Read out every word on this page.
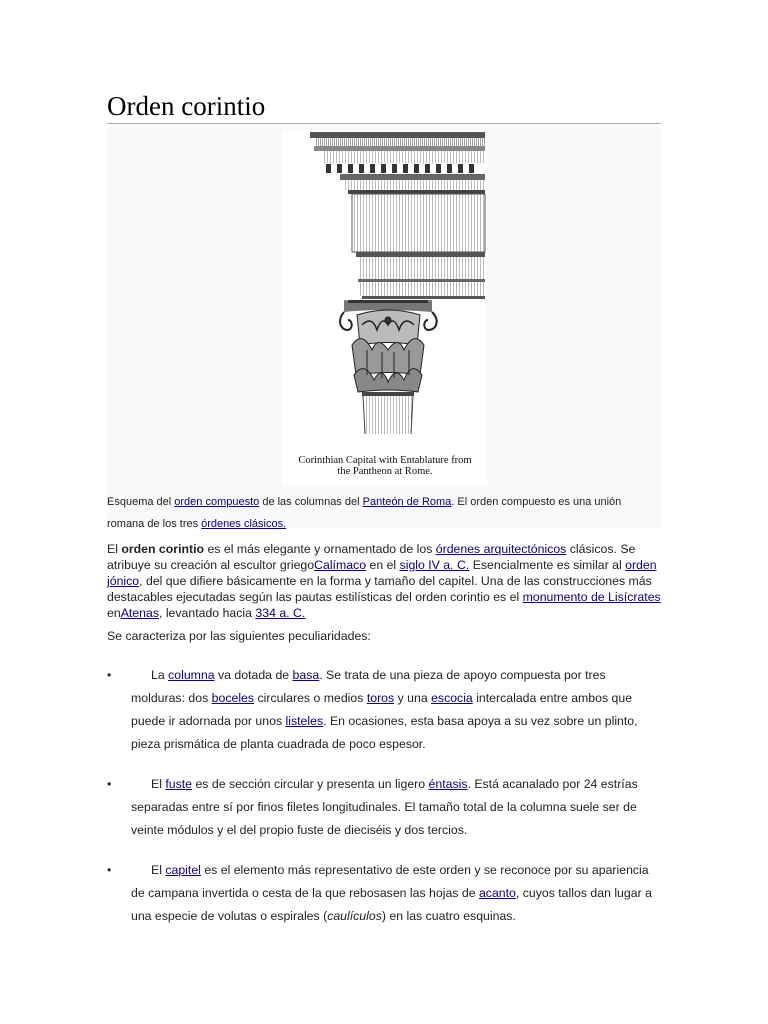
Orden corintio
Corinthian Capital with Entablature from
the Pantheon at Rome.
Esquema del orden compuesto de las columnas del Panteón de Roma. El orden compuesto es una unión romana de los tres órdenes clásicos.

El orden corintio es el más elegante y ornamentado de los órdenes arquitectónicos clásicos. Se atribuye su creación al escultor griegoCalímaco en el siglo IV a. C. Esencialmente es similar al orden jónico, del que difiere básicamente en la forma y tamaño del capitel. Una de las construcciones más destacables ejecutadas según las pautas estilísticas del orden corintio es el monumento de Lisícrates enAtenas, levantado hacia 334 a. C.

Se caracteriza por las siguientes peculiaridades:

•	La columna va dotada de basa. Se trata de una pieza de apoyo compuesta por tres molduras: dos boceles circulares o medios toros y una escocia intercalada entre ambos que puede ir adornada por unos listeles. En ocasiones, esta basa apoya a su vez sobre un plinto, pieza prismática de planta cuadrada de poco espesor.
•	El fuste es de sección circular y presenta un ligero éntasis. Está acanalado por 24 estrías separadas entre sí por finos filetes longitudinales. El tamaño total de la columna suele ser de veinte módulos y el del propio fuste de dieciséis y dos tercios.
•	El capitel es el elemento más representativo de este orden y se reconoce por su apariencia de campana invertida o cesta de la que rebosasen las hojas de acanto, cuyos tallos dan lugar a una especie de volutas o espirales (caulículos) en las cuatro esquinas.
